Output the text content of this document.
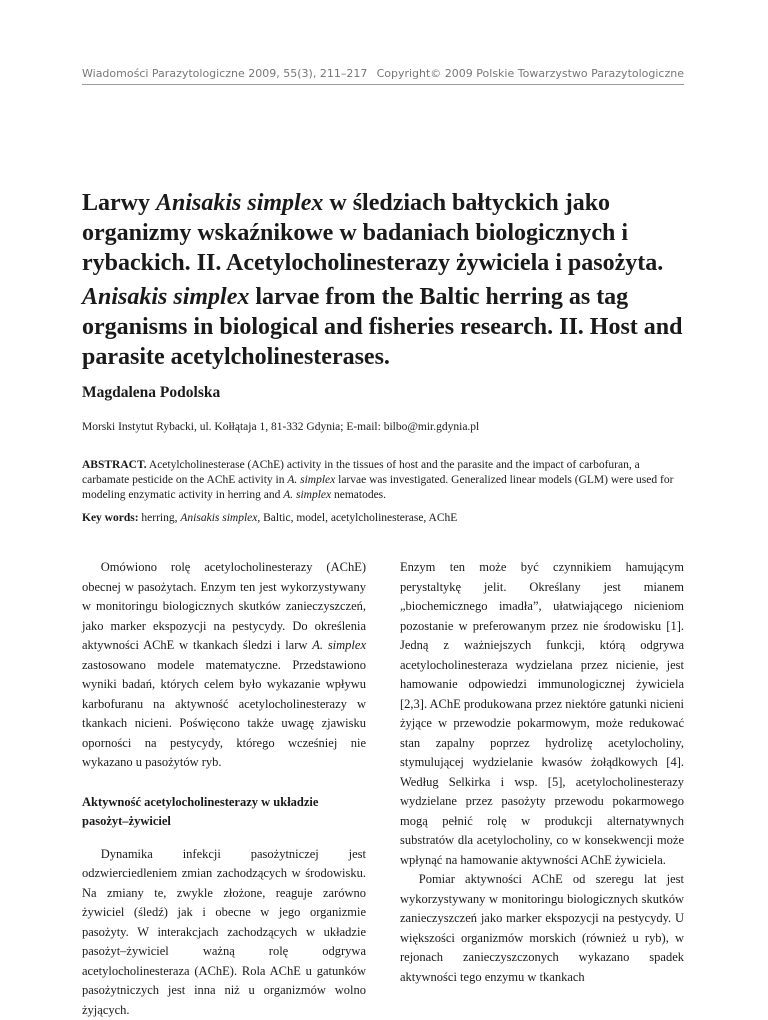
Wiadomości Parazytologiczne 2009, 55(3), 211–217 Copyright© 2009 Polskie Towarzystwo Parazytologiczne
Larwy Anisakis simplex w śledziach bałtyckich jako organizmy wskaźnikowe w badaniach biologicznych i rybackich. II. Acetylocholinesterazy żywiciela i pasożyta.
Anisakis simplex larvae from the Baltic herring as tag organisms in biological and fisheries research. II. Host and parasite acetylcholinesterases.
Magdalena Podolska
Morski Instytut Rybacki, ul. Kołłątaja 1, 81-332 Gdynia; E-mail: bilbo@mir.gdynia.pl

ABSTRACT. Acetylcholinesterase (AChE) activity in the tissues of host and the parasite and the impact of carbofuran, a carbamate pesticide on the AChE activity in A. simplex larvae was investigated. Generalized linear models (GLM) were used for modeling enzymatic activity in herring and A. simplex nematodes.

Key words: herring, Anisakis simplex, Baltic, model, acetylcholinesterase, AChE

Omówiono rolę acetylocholinesterazy (AChE) obecnej w pasożytach. Enzym ten jest wykorzystywany w monitoringu biologicznych skutków zanieczyszczeń, jako marker ekspozycji na pestycydy. Do określenia aktywności AChE w tkankach śledzi i larw A. simplex zastosowano modele matematyczne. Przedstawiono wyniki badań, których celem było wykazanie wpływu karbofuranu na aktywność acetylocholinesterazy w tkankach nicieni. Poświęcono także uwagę zjawisku oporności na pestycydy, którego wcześniej nie wykazano u pasożytów ryb.

Aktywność acetylocholinesterazy w układzie pasożyt–żywiciel

Dynamika infekcji pasożytniczej jest odzwierciedleniem zmian zachodzących w środowisku. Na zmiany te, zwykle złożone, reaguje zarówno żywiciel (śledź) jak i obecne w jego organizmie pasożyty. W interakcjach zachodzących w układzie pasożyt–żywiciel ważną rolę odgrywa acetylocholinesteraza (AChE). Rola AChE u gatunków pasożytniczych jest inna niż u organizmów wolno żyjących.

Enzym ten może być czynnikiem hamującym perystaltykę jelit. Określany jest mianem „biochemicznego imadła”, ułatwiającego nicieniom pozostanie w preferowanym przez nie środowisku [1]. Jedną z ważniejszych funkcji, którą odgrywa acetylocholinesteraza wydzielana przez nicienie, jest hamowanie odpowiedzi immunologicznej żywiciela [2,3]. AChE produkowana przez niektóre gatunki nicieni żyjące w przewodzie pokarmowym, może redukować stan zapalny poprzez hydrolizę acetylocholiny, stymulującej wydzielanie kwasów żołądkowych [4]. Według Selkirka i wsp. [5], acetylocholinesterazy wydzielane przez pasożyty przewodu pokarmowego mogą pełnić rolę w produkcji alternatywnych substratów dla acetylocholiny, co w konsekwencji może wpłynąć na hamowanie aktywności AChE żywiciela.

Pomiar aktywności AChE od szeregu lat jest wykorzystywany w monitoringu biologicznych skutków zanieczyszczeń jako marker ekspozycji na pestycydy. U większości organizmów morskich (również u ryb), w rejonach zanieczyszczonych wykazano spadek aktywności tego enzymu w tkankach
